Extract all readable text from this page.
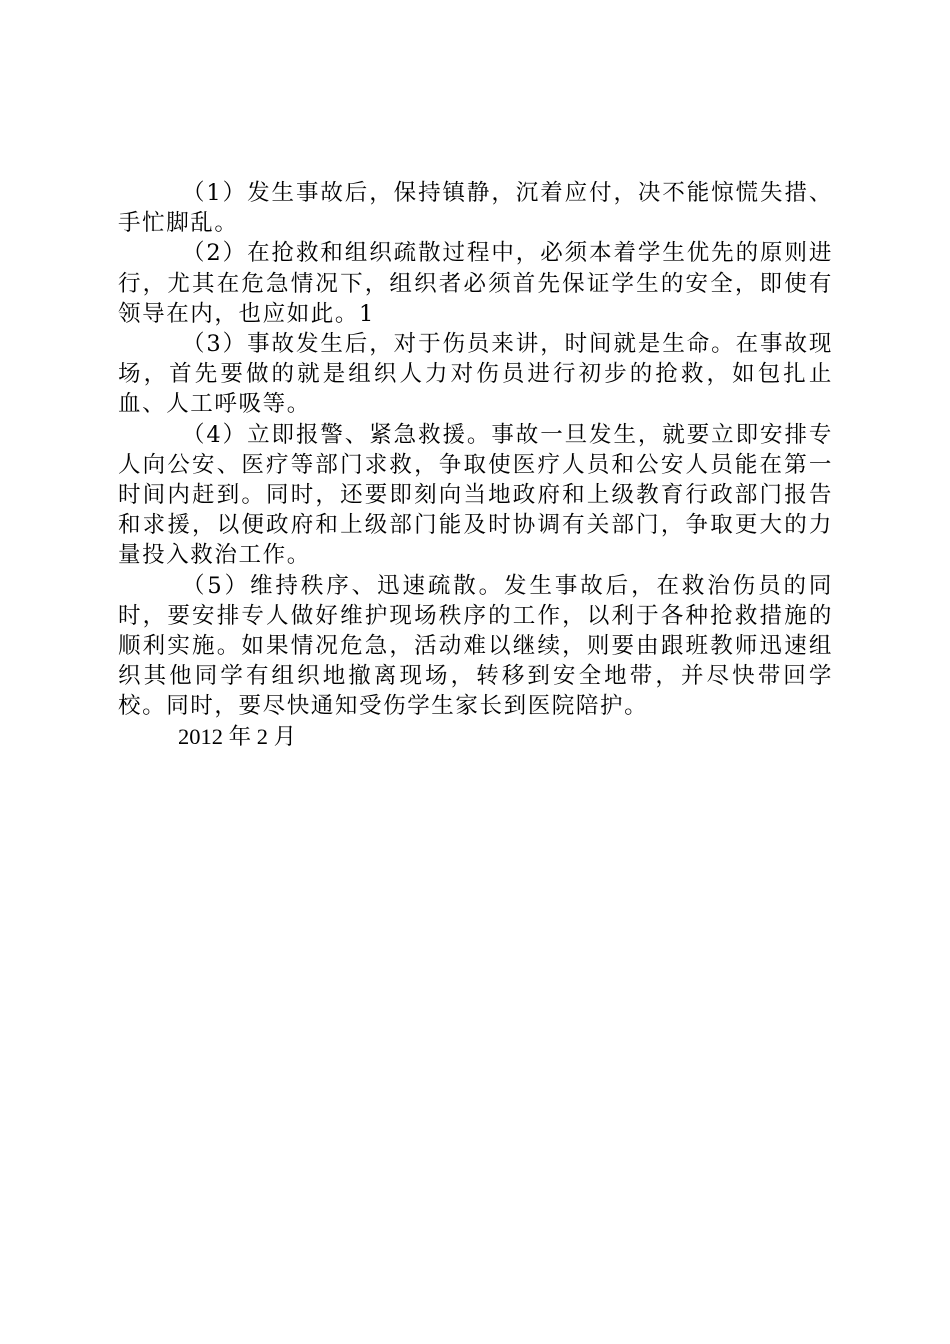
（1）发生事故后，保持镇静，沉着应付，决不能惊慌失措、手忙脚乱。

（2）在抢救和组织疏散过程中，必须本着学生优先的原则进行，尤其在危急情况下，组织者必须首先保证学生的安全，即使有领导在内，也应如此。1

（3）事故发生后，对于伤员来讲，时间就是生命。在事故现场，首先要做的就是组织人力对伤员进行初步的抢救，如包扎止血、人工呼吸等。

（4）立即报警、紧急救援。事故一旦发生，就要立即安排专人向公安、医疗等部门求救，争取使医疗人员和公安人员能在第一时间内赶到。同时，还要即刻向当地政府和上级教育行政部门报告和求援，以便政府和上级部门能及时协调有关部门，争取更大的力量投入救治工作。

（5）维持秩序、迅速疏散。发生事故后，在救治伤员的同时，要安排专人做好维护现场秩序的工作，以利于各种抢救措施的顺利实施。如果情况危急，活动难以继续，则要由跟班教师迅速组织其他同学有组织地撤离现场，转移到安全地带，并尽快带回学校。同时，要尽快通知受伤学生家长到医院陪护。

2012 年 2 月
